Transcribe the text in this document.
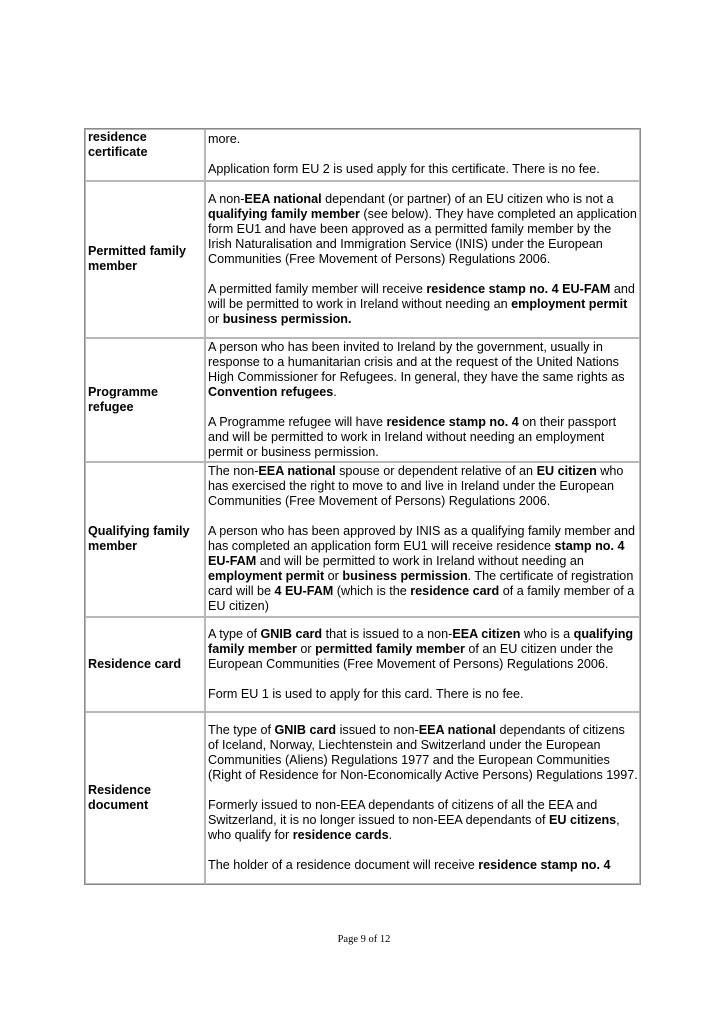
residence certificate	more.

Application form EU 2 is used apply for this certificate. There is no fee.

Permitted family member	A non-EEA national dependant (or partner) of an EU citizen who is not a qualifying family member (see below). They have completed an application form EU1 and have been approved as a permitted family member by the Irish Naturalisation and Immigration Service (INIS) under the European Communities (Free Movement of Persons) Regulations 2006.

A permitted family member will receive residence stamp no. 4 EU-FAM and will be permitted to work in Ireland without needing an employment permit or business permission.

Programme refugee	A person who has been invited to Ireland by the government, usually in response to a humanitarian crisis and at the request of the United Nations High Commissioner for Refugees. In general, they have the same rights as Convention refugees.

A Programme refugee will have residence stamp no. 4 on their passport and will be permitted to work in Ireland without needing an employment permit or business permission.

Qualifying family member	The non-EEA national spouse or dependent relative of an EU citizen who has exercised the right to move to and live in Ireland under the European Communities (Free Movement of Persons) Regulations 2006.

A person who has been approved by INIS as a qualifying family member and has completed an application form EU1 will receive residence stamp no. 4 EU-FAM and will be permitted to work in Ireland without needing an employment permit or business permission. The certificate of registration card will be 4 EU-FAM (which is the residence card of a family member of a EU citizen)

Residence card	A type of GNIB card that is issued to a non-EEA citizen who is a qualifying family member or permitted family member of an EU citizen under the European Communities (Free Movement of Persons) Regulations 2006.

Form EU 1 is used to apply for this card. There is no fee.

Residence document	The type of GNIB card issued to non-EEA national dependants of citizens of Iceland, Norway, Liechtenstein and Switzerland under the European Communities (Aliens) Regulations 1977 and the European Communities (Right of Residence for Non-Economically Active Persons) Regulations 1997.

Formerly issued to non-EEA dependants of citizens of all the EEA and Switzerland, it is no longer issued to non-EEA dependants of EU citizens, who qualify for residence cards.

The holder of a residence document will receive residence stamp no. 4

Page 9 of 12
